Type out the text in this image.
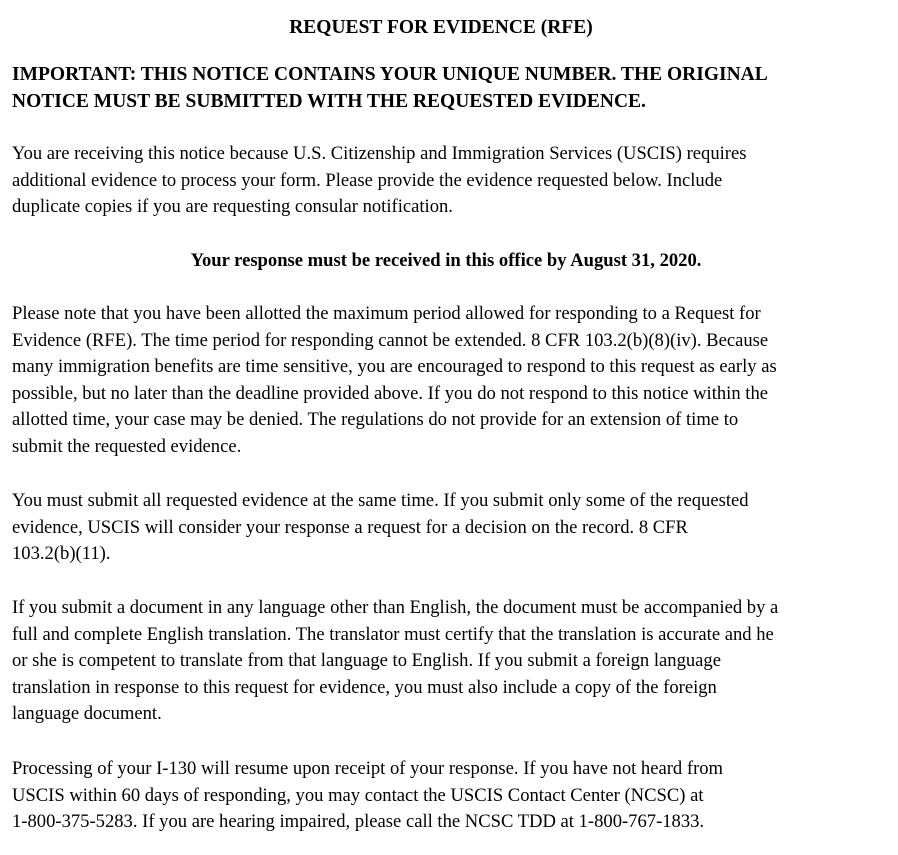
REQUEST FOR EVIDENCE (RFE)
IMPORTANT: THIS NOTICE CONTAINS YOUR UNIQUE NUMBER. THE ORIGINAL
NOTICE MUST BE SUBMITTED WITH THE REQUESTED EVIDENCE.
You are receiving this notice because U.S. Citizenship and Immigration Services (USCIS) requires
additional evidence to process your form. Please provide the evidence requested below. Include
duplicate copies if you are requesting consular notification.
Your response must be received in this office by August 31, 2020.
Please note that you have been allotted the maximum period allowed for responding to a Request for
Evidence (RFE). The time period for responding cannot be extended. 8 CFR 103.2(b)(8)(iv). Because
many immigration benefits are time sensitive, you are encouraged to respond to this request as early as
possible, but no later than the deadline provided above. If you do not respond to this notice within the
allotted time, your case may be denied. The regulations do not provide for an extension of time to
submit the requested evidence.
You must submit all requested evidence at the same time. If you submit only some of the requested
evidence, USCIS will consider your response a request for a decision on the record. 8 CFR
103.2(b)(11).
If you submit a document in any language other than English, the document must be accompanied by a
full and complete English translation. The translator must certify that the translation is accurate and he
or she is competent to translate from that language to English. If you submit a foreign language
translation in response to this request for evidence, you must also include a copy of the foreign
language document.
Processing of your I-130 will resume upon receipt of your response. If you have not heard from
USCIS within 60 days of responding, you may contact the USCIS Contact Center (NCSC) at
1-800-375-5283. If you are hearing impaired, please call the NCSC TDD at 1-800-767-1833.
